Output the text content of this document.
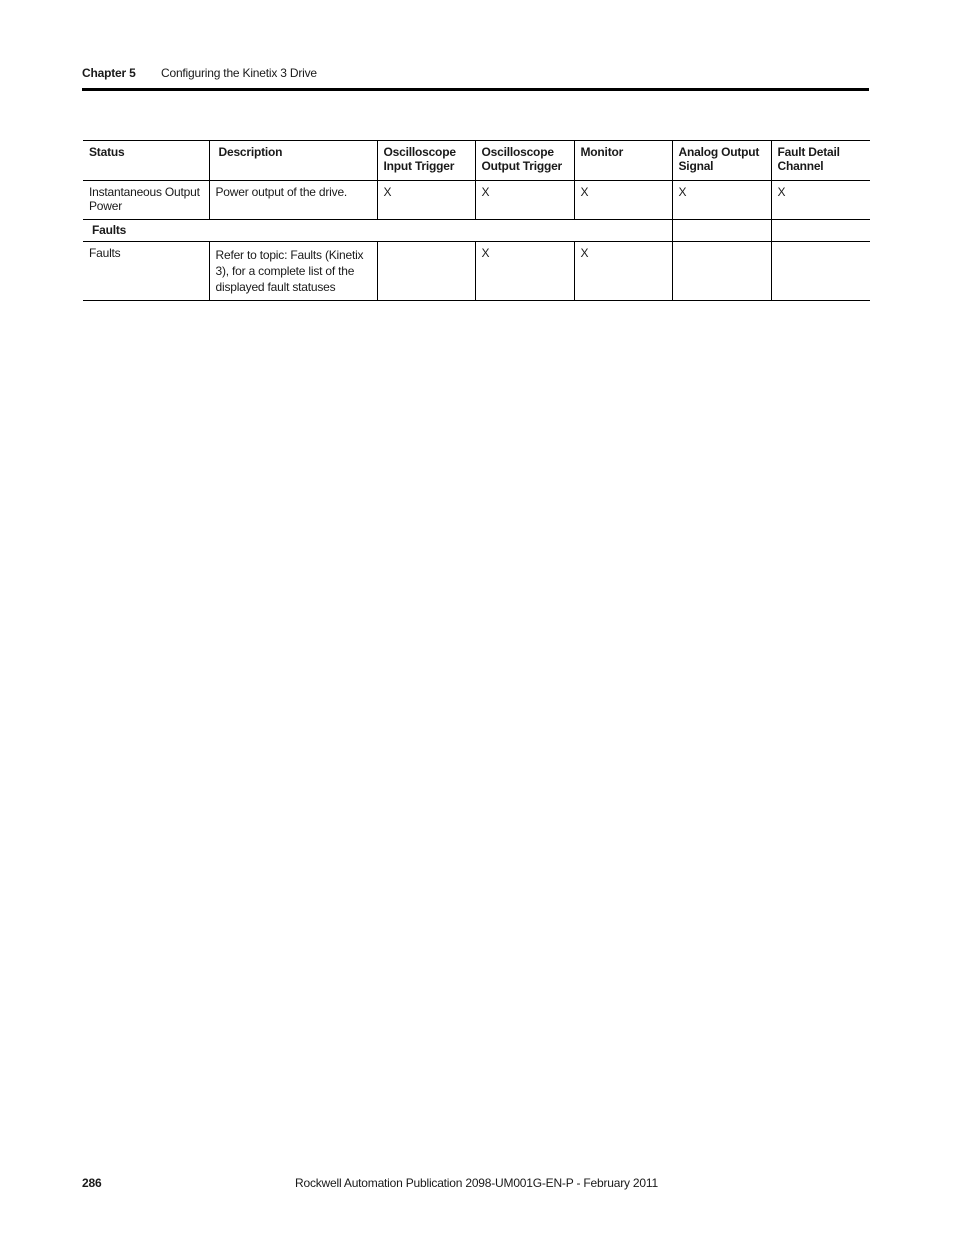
Chapter 5 Configuring the Kinetix 3 Drive
Status	Description	Oscilloscope Input Trigger	Oscilloscope Output Trigger	Monitor	Analog Output Signal	Fault Detail Channel
Instantaneous Output Power	Power output of the drive.	X	X	X	X	X
Faults						
Faults	Refer to topic: Faults (Kinetix 3), for a complete list of the displayed fault statuses		X	X		
286	Rockwell Automation Publication 2098-UM001G-EN-P - February 2011
